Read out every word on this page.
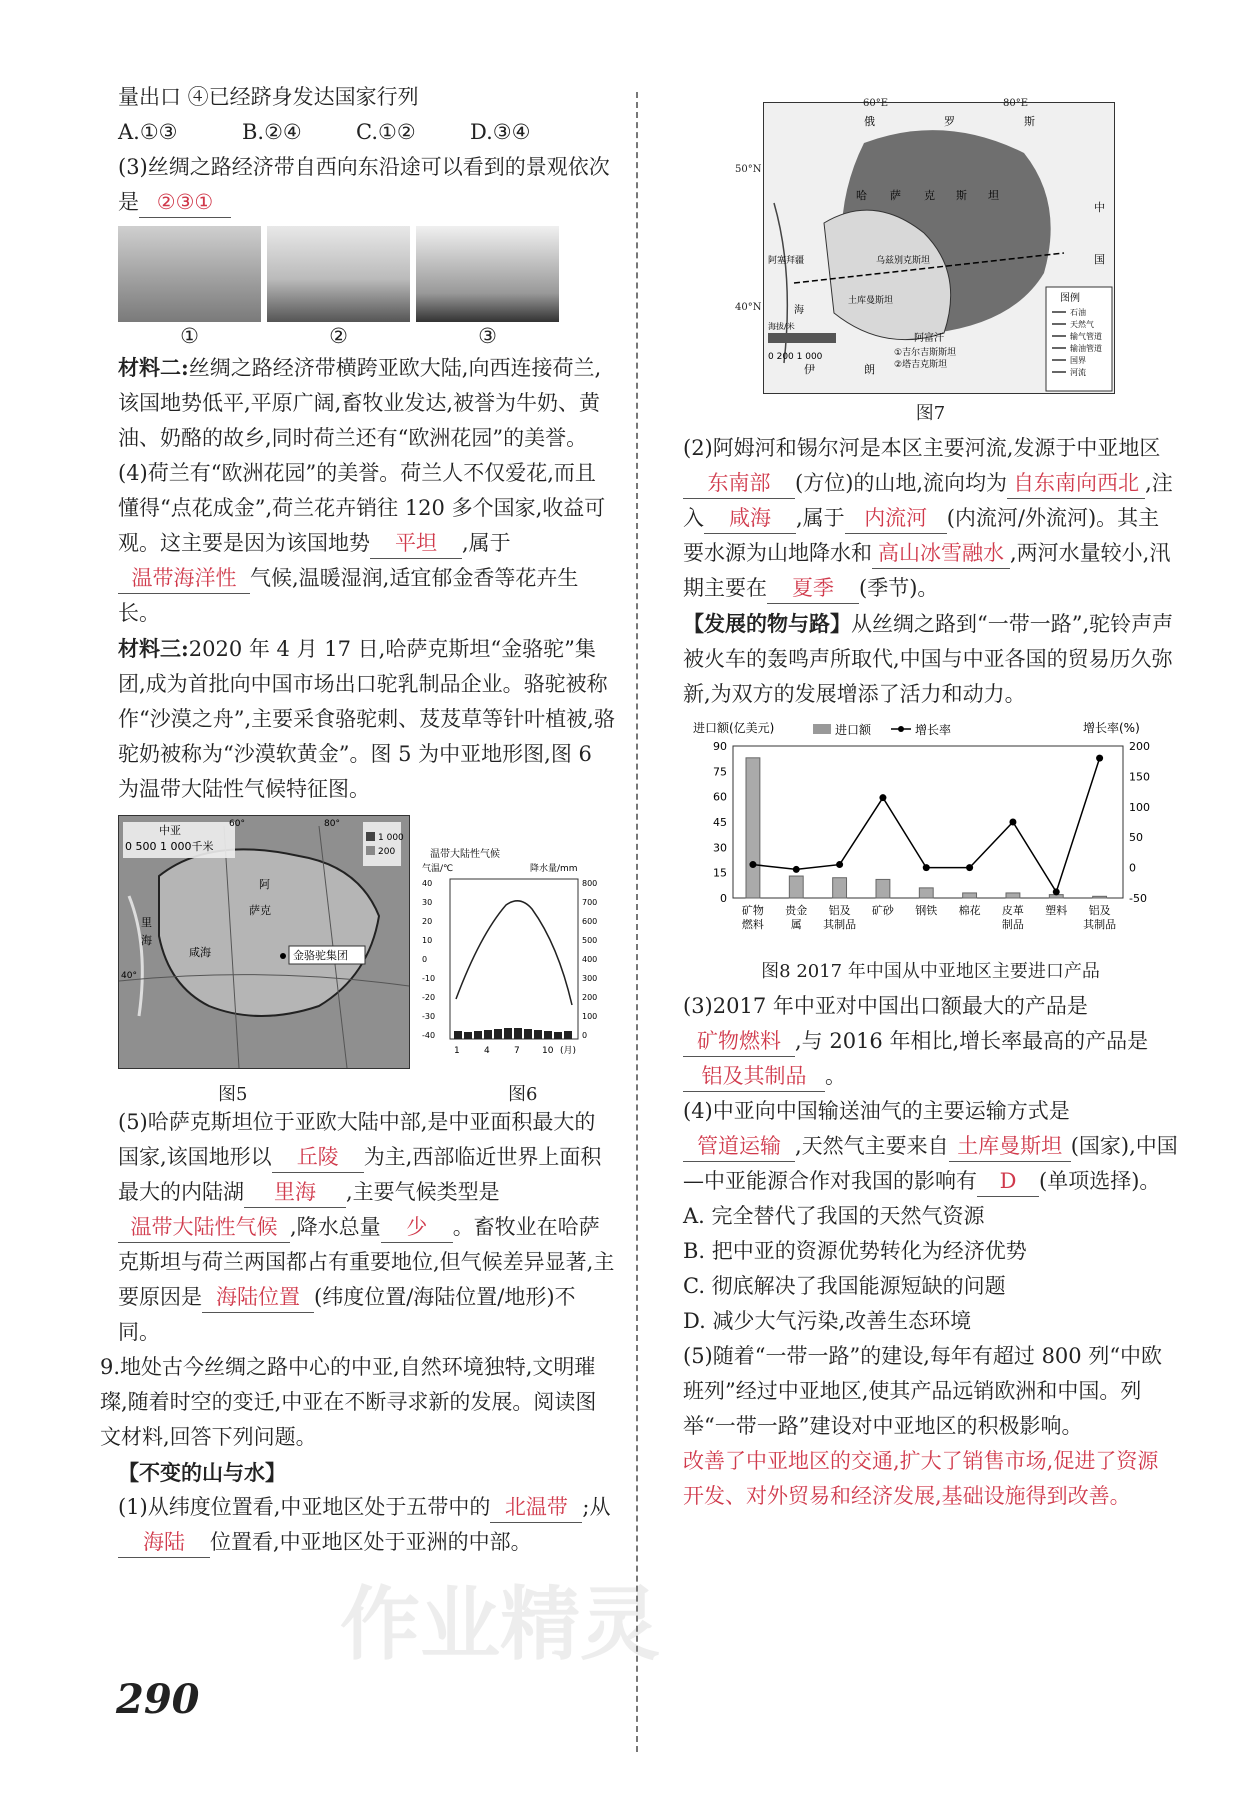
作业精灵

量出口 ④已经跻身发达国家行列

A.①③	B.②④	C.①②	D.③④

(3)丝绸之路经济带自西向东沿途可以看到的景观依次是 ②③①

①	②	③

材料二:丝绸之路经济带横跨亚欧大陆,向西连接荷兰,该国地势低平,平原广阔,畜牧业发达,被誉为牛奶、黄油、奶酪的故乡,同时荷兰还有“欧洲花园”的美誉。

(4)荷兰有“欧洲花园”的美誉。荷兰人不仅爱花,而且懂得“点花成金”,荷兰花卉销往 120 多个国家,收益可观。这主要是因为该国地势 平坦 ,属于温带海洋性 气候,温暖湿润,适宜郁金香等花卉生长。

材料三:2020 年 4 月 17 日,哈萨克斯坦“金骆驼”集团,成为首批向中国市场出口驼乳制品企业。骆驼被称作“沙漠之舟”,主要采食骆驼刺、芨芨草等针叶植被,骆驼奶被称为“沙漠软黄金”。图 5 为中亚地形图,图 6 为温带大陆性气候特征图。

中亚
0 500 1 000千米
1 000
200
阿
萨克
里
海
咸海	金骆驼集团
60°	80°
40°
温带大陆性气候
气温/℃	降水量/mm
40
30
20
10
0
-10
-20
-30
-40
800
700
600
500
400
300
200
100
0
1	4	7 10 (月)
图5	图6

(5)哈萨克斯坦位于亚欧大陆中部,是中亚面积最大的国家,该国地形以 丘陵 为主,西部临近世界上面积最大的内陆湖 里海 ,主要气候类型是温带大陆性气候 ,降水总量 少 。畜牧业在哈萨克斯坦与荷兰两国都占有重要地位,但气候差异显著,主要原因是 海陆位置 (纬度位置/海陆位置/地形)不同。

9.地处古今丝绸之路中心的中亚,自然环境独特,文明璀璨,随着时空的变迁,中亚在不断寻求新的发展。阅读图文材料,回答下列问题。

【不变的山与水】

(1)从纬度位置看,中亚地区处于五带中的 北温带 ;从海陆 位置看,中亚地区处于亚洲的中部。

290
俄	罗	斯
哈 萨 克 斯 坦
中
国
伊	朗
阿富汗
阿塞拜疆
①吉尔吉斯斯坦
②塔吉克斯坦
乌兹别克斯坦
土库曼斯坦
海
图例
石油
天然气
输气管道
输油管道
国界
河流
海拔/米
0 200 1 000
60°E	80°E
50°N
40°N

图7

(2)阿姆河和锡尔河是本区主要河流,发源于中亚地区东南部 (方位)的山地,流向均为 自东南向西北 ,注入 咸海 ,属于 内流河 (内流河/外流河)。其主要水源为山地降水和 高山冰雪融水 ,两河水量较小,汛期主要在 夏季 (季节)。

【发展的物与路】从丝绸之路到“一带一路”,驼铃声声被火车的轰鸣声所取代,中国与中亚各国的贸易历久弥新,为双方的发展增添了活力和动力。

进口额(亿美元)	增长率(%)
进口额	增长率
0
15
30
45
60
75
90
-50
0
50
100
150
200
矿物
燃料
贵金
属
铝及
其制品
矿砂 钢铁 棉花 皮革
制品
塑料 铝及
其制品

图8 2017 年中国从中亚地区主要进口产品

(3)2017 年中亚对中国出口额最大的产品是矿物燃料 ,与 2016 年相比,增长率最高的产品是铝及其制品 。

(4)中亚向中国输送油气的主要运输方式是管道运输 ,天然气主要来自 土库曼斯坦 (国家),中国—中亚能源合作对我国的影响有 D (单项选择)。

A. 完全替代了我国的天然气资源

B. 把中亚的资源优势转化为经济优势

C. 彻底解决了我国能源短缺的问题

D. 减少大气污染,改善生态环境

(5)随着“一带一路”的建设,每年有超过 800 列“中欧班列”经过中亚地区,使其产品远销欧洲和中国。列举“一带一路”建设对中亚地区的积极影响。

改善了中亚地区的交通,扩大了销售市场,促进了资源开发、对外贸易和经济发展,基础设施得到改善。
